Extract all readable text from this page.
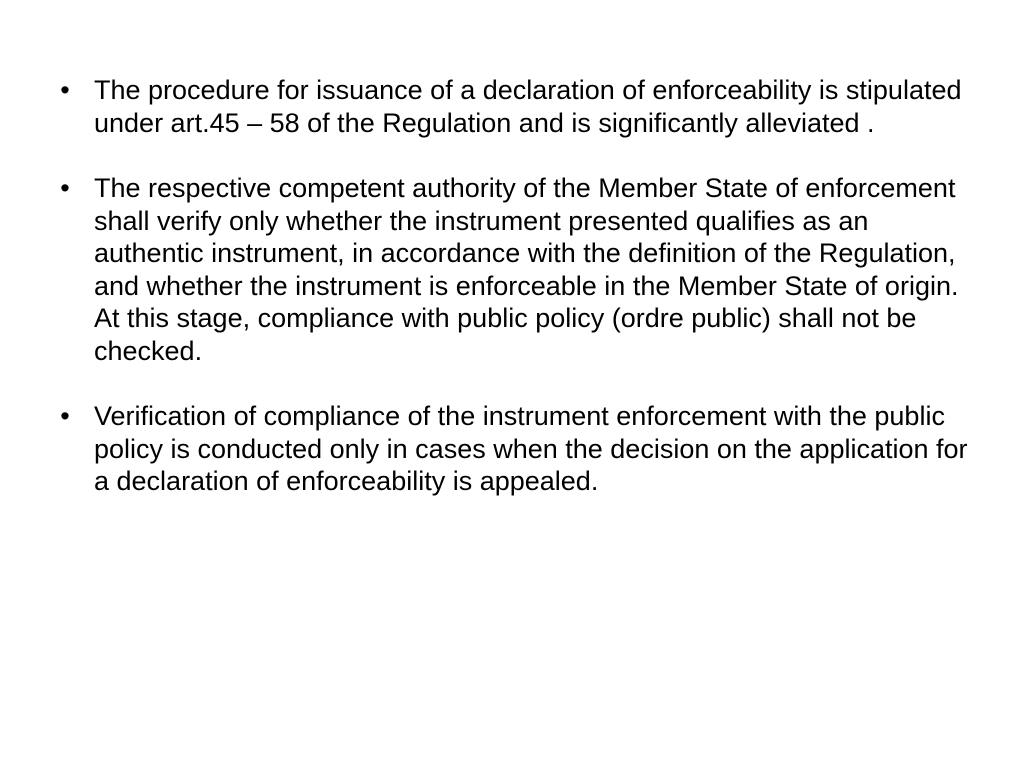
• The procedure for issuance of a declaration of enforceability is stipulated under art.45 – 58 of the Regulation and is significantly alleviated .
• The respective competent authority of the Member State of enforcement shall verify only whether the instrument presented qualifies as an authentic instrument, in accordance with the definition of the Regulation, and whether the instrument is enforceable in the Member State of origin. At this stage, compliance with public policy (ordre public) shall not be checked.
• Verification of compliance of the instrument enforcement with the public policy is conducted only in cases when the decision on the application for a declaration of enforceability is appealed.
